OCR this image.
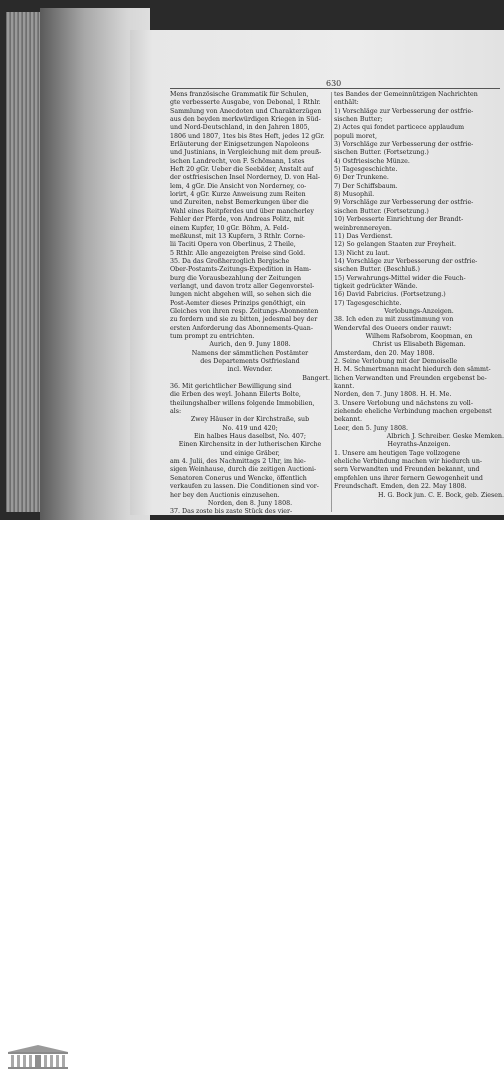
630
Mens französische Grammatik für Schulen,
gte verbesserte Ausgabe, von Debonal, 1 Rthlr.
Sammlung von Anecdoten und Charakterzügen
aus den beyden merkwürdigen Kriegen in Süd-
und Nord-Deutschland, in den Jahren 1805,
1806 und 1807, 1tes bis 8tes Heft, jedes 12 gGr.
Erläuterung der Einigsetzungen Napoleons
und Justinians, in Vergleichung mit dem preuß-
ischen Landrecht, von F. Schömann, 1stes
Heft 20 gGr. Ueber die Seebäder, Anstalt auf
der ostfriesischen Insel Norderney, D. von Hal-
lem, 4 gGr. Die Ansicht von Norderney, co-
lorirt, 4 gGr. Kurze Anweisung zum Reiten
und Zureiten, nebst Bemerkungen über die
Wahl eines Reitpferdes und über mancherley
Fehler der Pferde, von Andreas Politz, mit
einem Kupfer, 10 gGr. Böhm, A. Feld-
meßkunst, mit 13 Kupfern, 3 Rthlr. Corne-
lii Taciti Opera von Oberlinus, 2 Theile,
5 Rthlr. Alle angezeigten Preise sind Gold.
35. Da das Großherzoglich Bergische
Ober-Postamts-Zeitungs-Expedition in Ham-
burg die Vorausbezahlung der Zeitungen
verlangt, und davon trotz aller Gegenvorstel-
lungen nicht abgehen will, so sehen sich die
Post-Aemter dieses Prinzips genöthigt, ein
Gleiches von ihren resp. Zeitungs-Abonnenten
zu fordern und sie zu bitten, jedesmal bey der
ersten Anforderung das Abonnements-Quan-
tum prompt zu entrichten.
Aurich, den 9. Juny 1808.
Namens der sämmtlichen Postämter
des Departements Ostfriesland
incl. Wevnder.
Bangert.
36. Mit gerichtlicher Bewilligung sind
die Erben des weyl. Johann Eilerts Bolte,
theilungshalber willens folgende Immobilien,
als:
Zwey Häuser in der Kirchstraße, sub
No. 419 und 420;
Ein halbes Haus daselbst, No. 407;
Einen Kirchensitz in der lutherischen Kirche
und einige Gräber,
am 4. Julii, des Nachmittags 2 Uhr, im hie-
sigen Weinhause, durch die zeitigen Auctioni-
Senatoren Conerus und Wencke, öffentlich
verkaufen zu lassen. Die Conditionen sind vor-
her bey den Auctionis einzusehen.
Norden, den 8. Juny 1808.
37. Das zoste bis zaste Stück des vier-
tes Bandes der Gemeinnützigen Nachrichten
enthält:
1) Vorschläge zur Verbesserung der ostfrie-
sischen Butter;
2) Actes qui fondet particece applaudum
populi moret,
3) Vorschläge zur Verbesserung der ostfrie-
sischen Butter. (Fortsetzung.)
4) Ostfriesische Münze.
5) Tagesgeschichte.
6) Der Trunkene.
7) Der Schiffsbaum.
8) Musophil.
9) Vorschläge zur Verbesserung der ostfrie-
sischen Butter. (Fortsetzung.)
10) Verbesserte Einrichtung der Brandt-
weinbrennereyen.
11) Das Verdienst.
12) So gelangen Staaten zur Freyheit.
13) Nicht zu laut.
14) Vorschläge zur Verbesserung der ostfrie-
sischen Butter. (Beschluß.)
15) Verwahrungs-Mittel wider die Feuch-
tigkeit gedrückter Wände.
16) David Fabricius. (Fortsetzung.)
17) Tagesgeschichte.
Verlobungs-Anzeigen.
38. Ich eden zu mit zusstimmung von
Wendervfal des Oueers onder rauwt:
Wilhem Rafsobrom, Koopman, en
Christ us Elisabeth Bigeman.
Amsterdam, den 20. May 1808.
2. Seine Verlobung mit der Demoiselle
H. M. Schmertmann macht hiedurch den sämmt-
lichen Verwandten und Freunden ergebenst be-
kannt.
Norden, den 7. Juny 1808. H. H. Me.
3. Unsere Verlobung und nächstens zu voll-
ziehende eheliche Verbindung machen ergebenst
bekannt.
Leer, den 5. Juny 1808.
Albrich J. Schreiber. Geske Memken.
Heyraths-Anzeigen.
1. Unsere am heutigen Tage vollzogene
eheliche Verbindung machen wir hiedurch un-
sern Verwandten und Freunden bekannt, und
empfehlen uns ihrer fernern Gewogenheit und
Freundschaft. Emden, den 22. May 1808.
H. G. Bock jun. C. E. Bock, geb. Ziesen.
